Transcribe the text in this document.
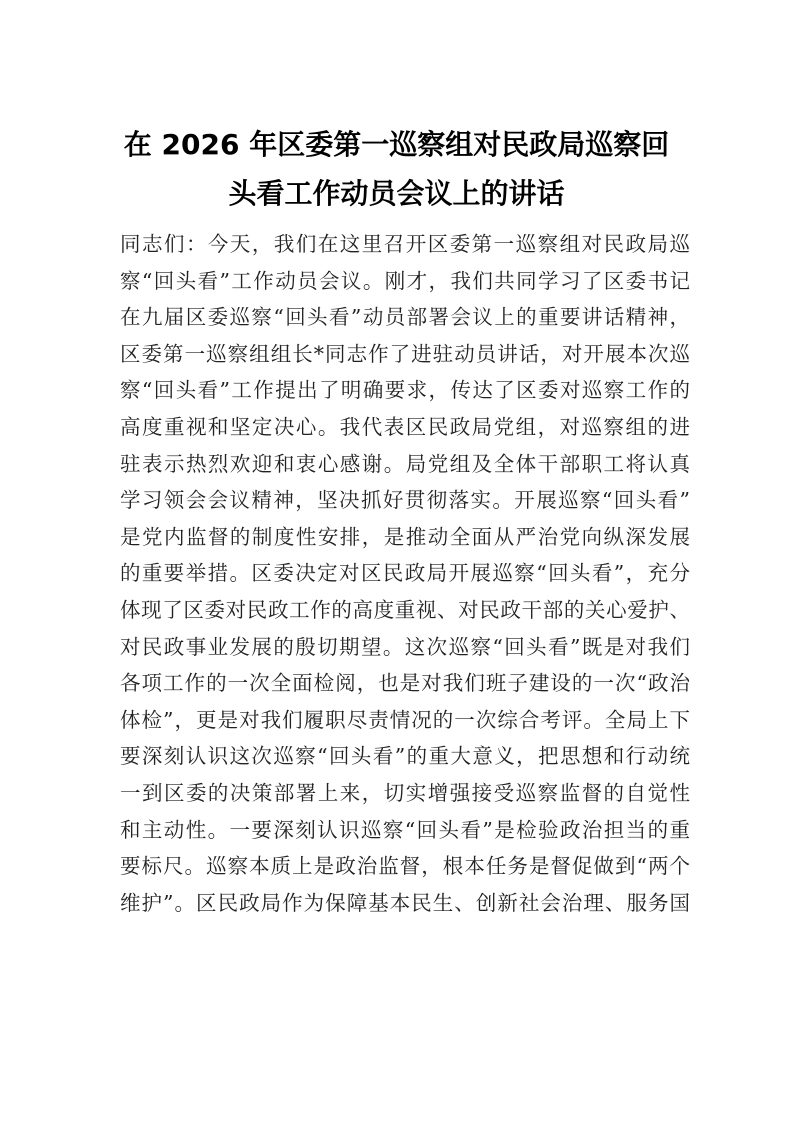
在 2026 年区委第一巡察组对民政局巡察回
头看工作动员会议上的讲话
同志们：今天，我们在这里召开区委第一巡察组对民政局巡
察“回头看”工作动员会议。刚才，我们共同学习了区委书记
在九届区委巡察“回头看”动员部署会议上的重要讲话精神，
区委第一巡察组组长*同志作了进驻动员讲话，对开展本次巡
察“回头看”工作提出了明确要求，传达了区委对巡察工作的
高度重视和坚定决心。我代表区民政局党组，对巡察组的进
驻表示热烈欢迎和衷心感谢。局党组及全体干部职工将认真
学习领会会议精神，坚决抓好贯彻落实。开展巡察“回头看”
是党内监督的制度性安排，是推动全面从严治党向纵深发展
的重要举措。区委决定对区民政局开展巡察“回头看”，充分
体现了区委对民政工作的高度重视、对民政干部的关心爱护、
对民政事业发展的殷切期望。这次巡察“回头看”既是对我们
各项工作的一次全面检阅，也是对我们班子建设的一次“政治
体检”，更是对我们履职尽责情况的一次综合考评。全局上下
要深刻认识这次巡察“回头看”的重大意义，把思想和行动统
一到区委的决策部署上来，切实增强接受巡察监督的自觉性
和主动性。一要深刻认识巡察“回头看”是检验政治担当的重
要标尺。巡察本质上是政治监督，根本任务是督促做到“两个
维护”。区民政局作为保障基本民生、创新社会治理、服务国
